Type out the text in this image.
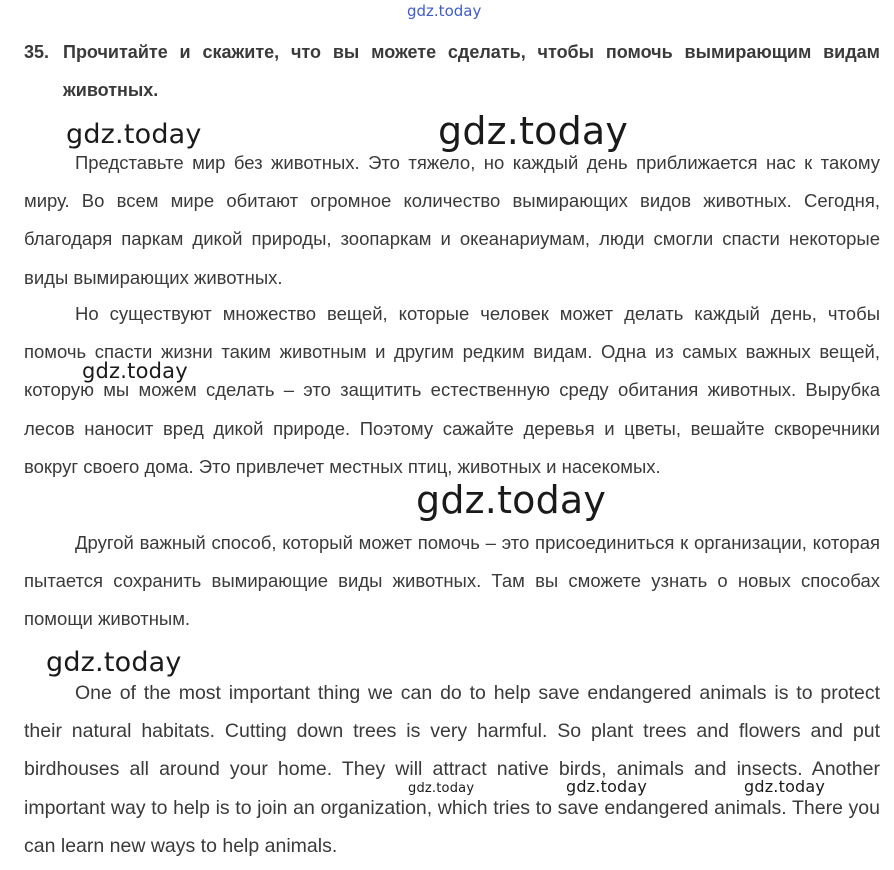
gdz.today
35. Прочитайте и скажите, что вы можете сделать, чтобы помочь вымирающим видам животных.
Представьте мир без животных. Это тяжело, но каждый день приближается нас к такому миру. Во всем мире обитают огромное количество вымирающих видов животных. Сегодня, благодаря паркам дикой природы, зоопаркам и океанариумам, люди смогли спасти некоторые виды вымирающих животных.
Но существуют множество вещей, которые человек может делать каждый день, чтобы помочь спасти жизни таким животным и другим редким видам. Одна из самых важных вещей, которую мы можем сделать – это защитить естественную среду обитания животных. Вырубка лесов наносит вред дикой природе. Поэтому сажайте деревья и цветы, вешайте скворечники вокруг своего дома. Это привлечет местных птиц, животных и насекомых.
Другой важный способ, который может помочь – это присоединиться к организации, которая пытается сохранить вымирающие виды животных. Там вы сможете узнать о новых способах помощи животным.
One of the most important thing we can do to help save endangered animals is to protect their natural habitats. Cutting down trees is very harmful. So plant trees and flowers and put birdhouses all around your home. They will attract native birds, animals and insects. Another important way to help is to join an organization, which tries to save endangered animals. There you can learn new ways to help animals.
gdz.today	gdz.today
gdz.today
gdz.today
gdz.today
gdz.today	gdz.today	gdz.today
